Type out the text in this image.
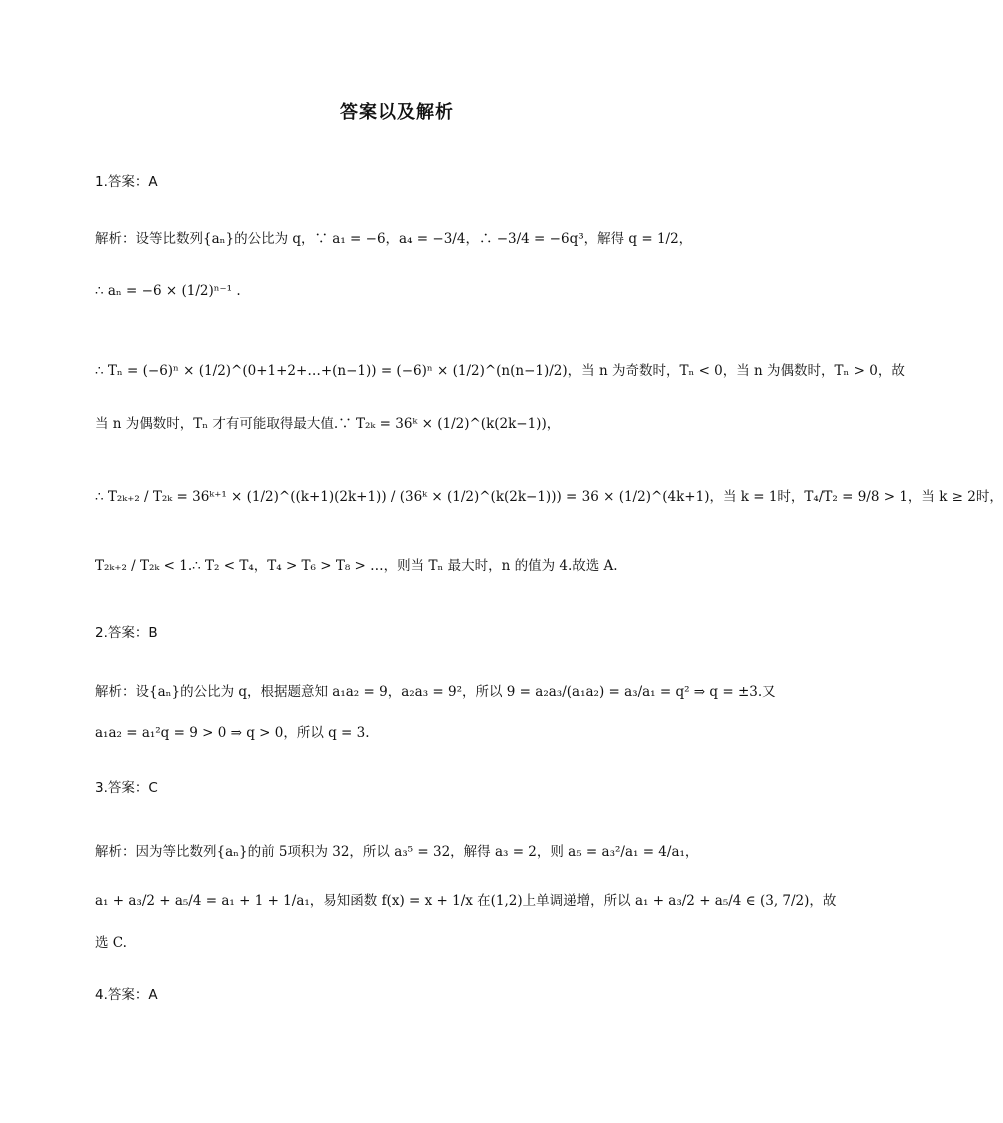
答案以及解析
1.答案：A
解析：设等比数列{aₙ}的公比为 q，∵ a₁ = −6，a₄ = −3/4，∴ −3/4 = −6q³，解得 q = 1/2，
∴ aₙ = −6 × (1/2)ⁿ⁻¹ .
∴ Tₙ = (−6)ⁿ × (1/2)^(0+1+2+…+(n−1)) = (−6)ⁿ × (1/2)^(n(n−1)/2)，当 n 为奇数时，Tₙ < 0，当 n 为偶数时，Tₙ > 0，故
当 n 为偶数时，Tₙ 才有可能取得最大值.∵ T₂ₖ = 36ᵏ × (1/2)^(k(2k−1))，
∴ T₂ₖ₊₂ / T₂ₖ = 36ᵏ⁺¹ × (1/2)^((k+1)(2k+1)) / (36ᵏ × (1/2)^(k(2k−1))) = 36 × (1/2)^(4k+1)，当 k = 1时，T₄/T₂ = 9/8 > 1，当 k ≥ 2时，
T₂ₖ₊₂ / T₂ₖ < 1.∴ T₂ < T₄，T₄ > T₆ > T₈ > …，则当 Tₙ 最大时，n 的值为 4.故选 A.
2.答案：B
解析：设{aₙ}的公比为 q，根据题意知 a₁a₂ = 9，a₂a₃ = 9²，所以 9 = a₂a₃/(a₁a₂) = a₃/a₁ = q² ⇒ q = ±3.又
a₁a₂ = a₁²q = 9 > 0 ⇒ q > 0，所以 q = 3.
3.答案：C
解析：因为等比数列{aₙ}的前 5项积为 32，所以 a₃⁵ = 32，解得 a₃ = 2，则 a₅ = a₃²/a₁ = 4/a₁，
a₁ + a₃/2 + a₅/4 = a₁ + 1 + 1/a₁，易知函数 f(x) = x + 1/x 在(1,2)上单调递增，所以 a₁ + a₃/2 + a₅/4 ∈ (3, 7/2)，故
选 C.
4.答案：A
